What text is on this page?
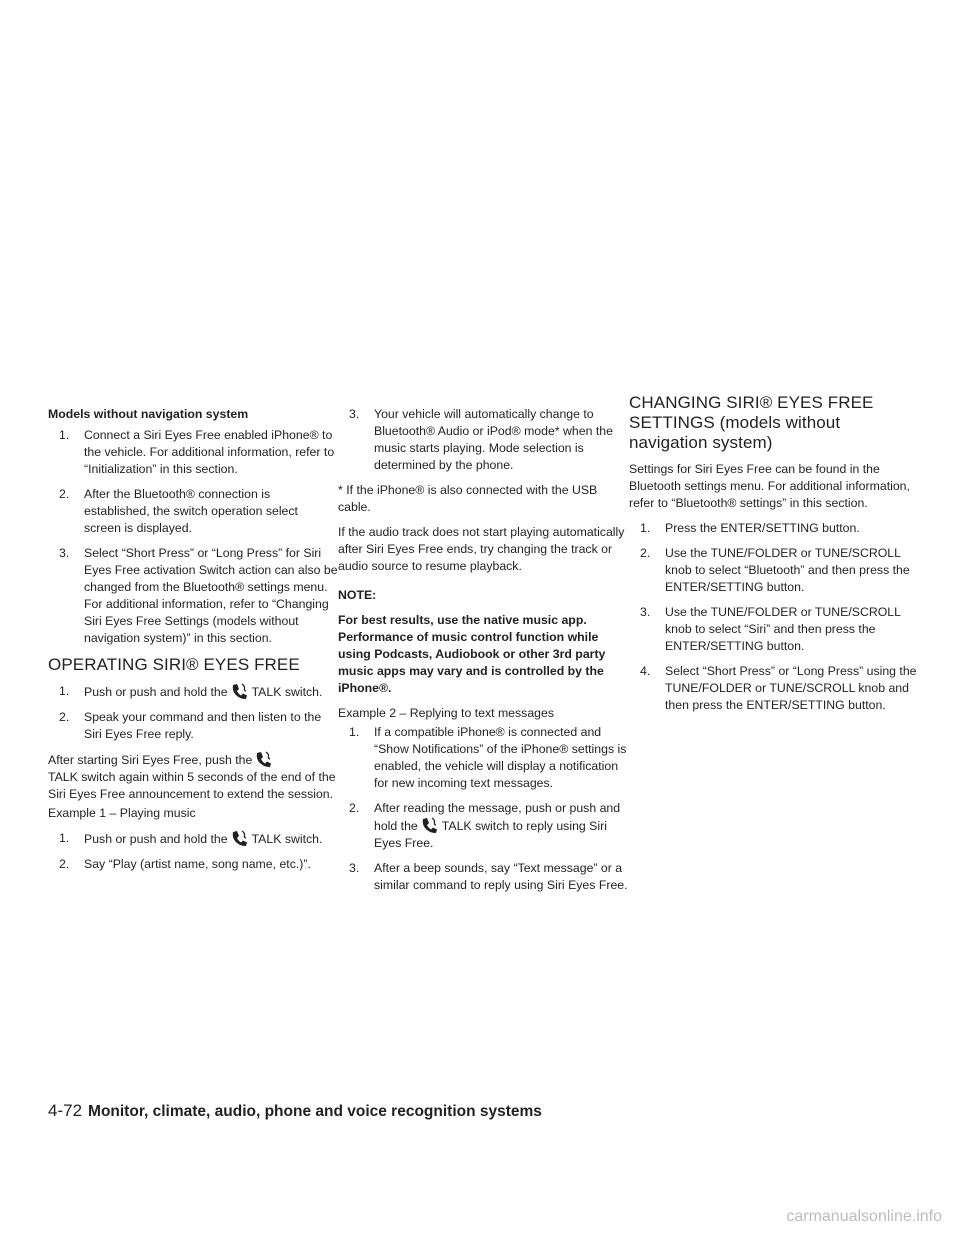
Models without navigation system

1. Connect a Siri Eyes Free enabled iPhone® to the vehicle. For additional information, refer to “Initialization” in this section.
2. After the Bluetooth® connection is established, the switch operation select screen is displayed.
3. Select “Short Press” or “Long Press” for Siri Eyes Free activation Switch action can also be changed from the Bluetooth® settings menu. For additional information, refer to “Changing Siri Eyes Free Settings (models without navigation system)” in this section.
OPERATING SIRI® EYES FREE
1. Push or push and hold the TALK switch.
2. Speak your command and then listen to the Siri Eyes Free reply.

After starting Siri Eyes Free, push the

TALK switch again within 5 seconds of the end of the Siri Eyes Free announcement to extend the session.

Example 1 – Playing music

1. Push or push and hold the TALK switch.
2. Say “Play (artist name, song name, etc.)”.
3. Your vehicle will automatically change to Bluetooth® Audio or iPod® mode* when the music starts playing. Mode selection is determined by the phone.

* If the iPhone® is also connected with the USB cable.

If the audio track does not start playing automatically after Siri Eyes Free ends, try changing the track or audio source to resume playback.

NOTE:

For best results, use the native music app. Performance of music control function while using Podcasts, Audiobook or other 3rd party music apps may vary and is controlled by the iPhone®.

Example 2 – Replying to text messages

1. If a compatible iPhone® is connected and “Show Notifications” of the iPhone® settings is enabled, the vehicle will display a notification for new incoming text messages.
2. After reading the message, push or push and hold the TALK switch to reply using Siri Eyes Free.
3. After a beep sounds, say “Text message” or a similar command to reply using Siri Eyes Free.
CHANGING SIRI® EYES FREE SETTINGS (models without navigation system)

Settings for Siri Eyes Free can be found in the Bluetooth settings menu. For additional information, refer to “Bluetooth® settings” in this section.

1. Press the ENTER/SETTING button.
2. Use the TUNE/FOLDER or TUNE/SCROLL knob to select “Bluetooth” and then press the ENTER/SETTING button.
3. Use the TUNE/FOLDER or TUNE/SCROLL knob to select “Siri” and then press the ENTER/SETTING button.
4. Select “Short Press” or “Long Press” using the TUNE/FOLDER or TUNE/SCROLL knob and then press the ENTER/SETTING button.
4-72 Monitor, climate, audio, phone and voice recognition systems
carmanualsonline.info
